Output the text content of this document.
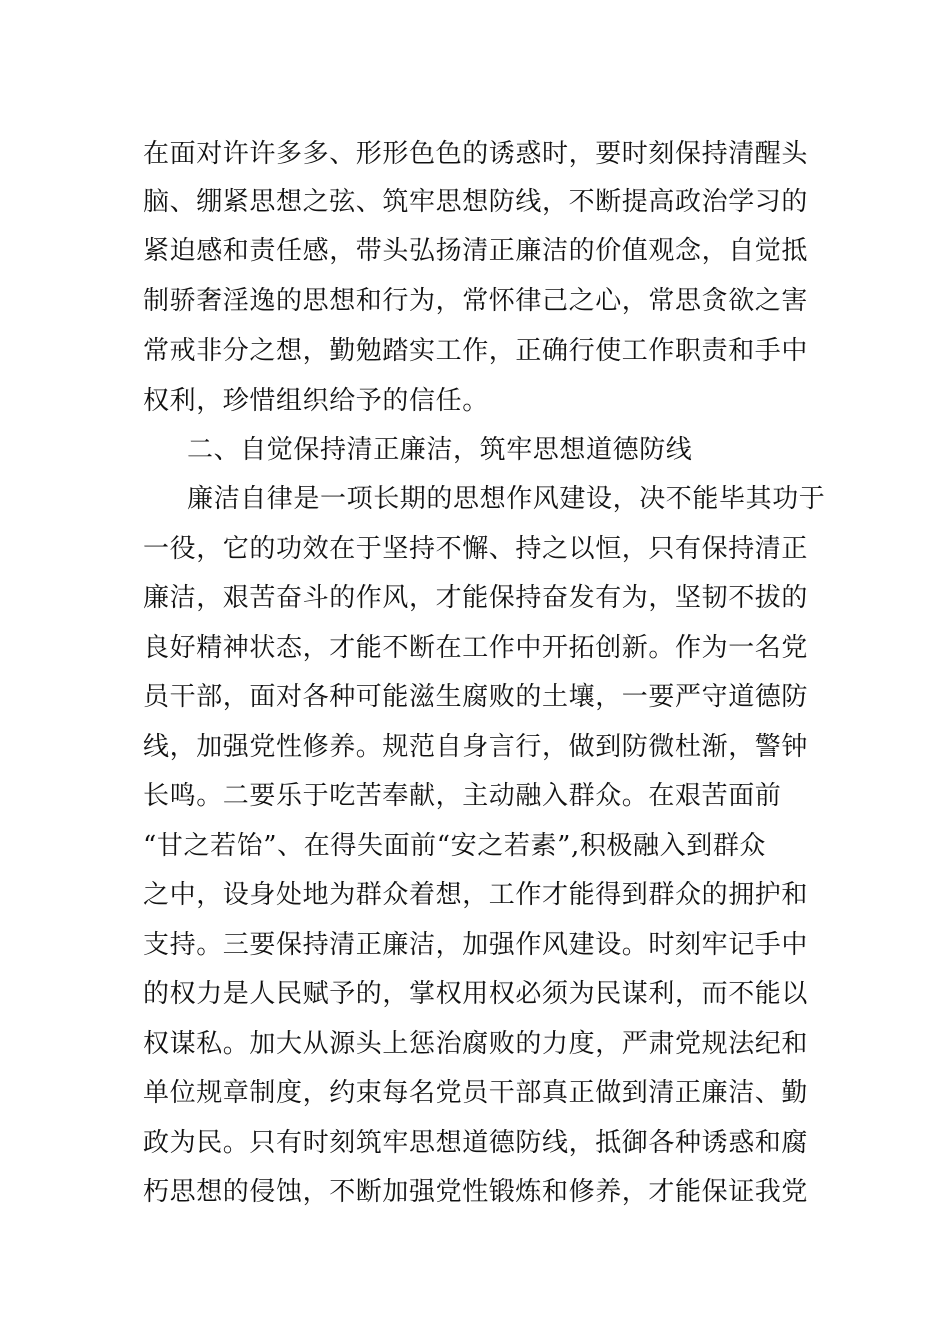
在面对许许多多、形形色色的诱惑时，要时刻保持清醒头
脑、绷紧思想之弦、筑牢思想防线，不断提高政治学习的
紧迫感和责任感，带头弘扬清正廉洁的价值观念，自觉抵
制骄奢淫逸的思想和行为，常怀律己之心，常思贪欲之害
常戒非分之想，勤勉踏实工作，正确行使工作职责和手中
权利，珍惜组织给予的信任。
二、自觉保持清正廉洁，筑牢思想道德防线
廉洁自律是一项长期的思想作风建设，决不能毕其功于
一役，它的功效在于坚持不懈、持之以恒，只有保持清正
廉洁，艰苦奋斗的作风，才能保持奋发有为，坚韧不拔的
良好精神状态，才能不断在工作中开拓创新。作为一名党
员干部，面对各种可能滋生腐败的土壤，一要严守道德防
线，加强党性修养。规范自身言行，做到防微杜渐，警钟
长鸣。二要乐于吃苦奉献，主动融入群众。在艰苦面前
“甘之若饴”、在得失面前“安之若素”,积极融入到群众
之中，设身处地为群众着想，工作才能得到群众的拥护和
支持。三要保持清正廉洁，加强作风建设。时刻牢记手中
的权力是人民赋予的，掌权用权必须为民谋利，而不能以
权谋私。加大从源头上惩治腐败的力度，严肃党规法纪和
单位规章制度，约束每名党员干部真正做到清正廉洁、勤
政为民。只有时刻筑牢思想道德防线，抵御各种诱惑和腐
朽思想的侵蚀，不断加强党性锻炼和修养，才能保证我党
